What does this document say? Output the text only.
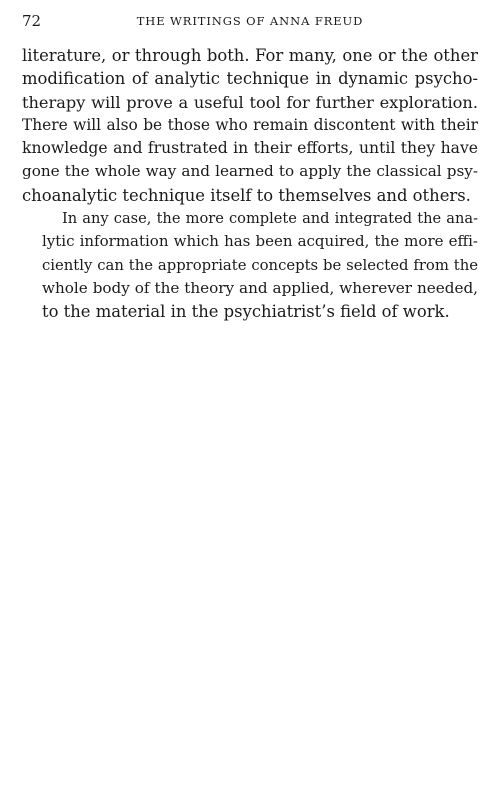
72	THE WRITINGS OF ANNA FREUD

literature, or through both. For many, one or the other
modification of analytic technique in dynamic psycho-
therapy will prove a useful tool for further exploration.
There will also be those who remain discontent with their
knowledge and frustrated in their efforts, until they have
gone the whole way and learned to apply the classical psy-
choanalytic technique itself to themselves and others.

In any case, the more complete and integrated the ana-
lytic information which has been acquired, the more effi-
ciently can the appropriate concepts be selected from the
whole body of the theory and applied, wherever needed,
to the material in the psychiatrist’s field of work.
